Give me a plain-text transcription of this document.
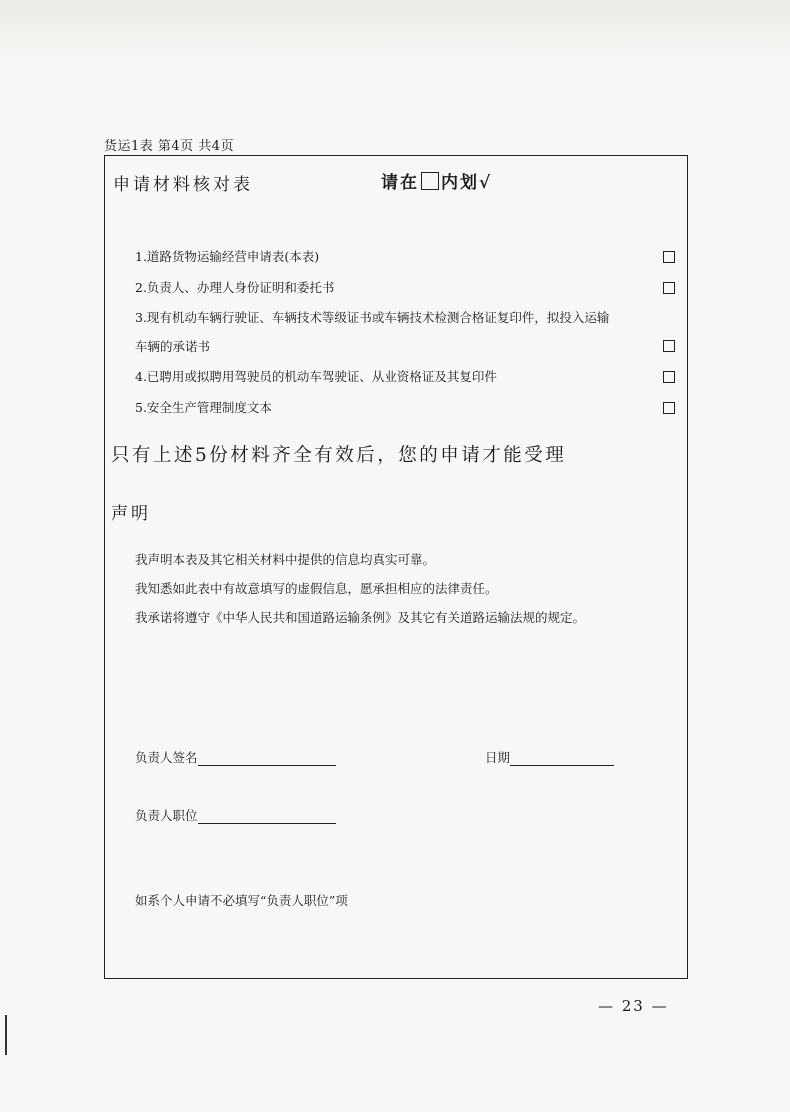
货运1表 第4页 共4页
申请材料核对表	请在 内划√
1.道路货物运输经营申请表(本表)
2.负责人、办理人身份证明和委托书
3.现有机动车辆行驶证、车辆技术等级证书或车辆技术检测合格证复印件，拟投入运输
车辆的承诺书
4.已聘用或拟聘用驾驶员的机动车驾驶证、从业资格证及其复印件
5.安全生产管理制度文本
只有上述5份材料齐全有效后，您的申请才能受理
声明
我声明本表及其它相关材料中提供的信息均真实可靠。
我知悉如此表中有故意填写的虚假信息，愿承担相应的法律责任。
我承诺将遵守《中华人民共和国道路运输条例》及其它有关道路运输法规的规定。
负责人签名	日期
负责人职位
如系个人申请不必填写“负责人职位”项
— 23 —
